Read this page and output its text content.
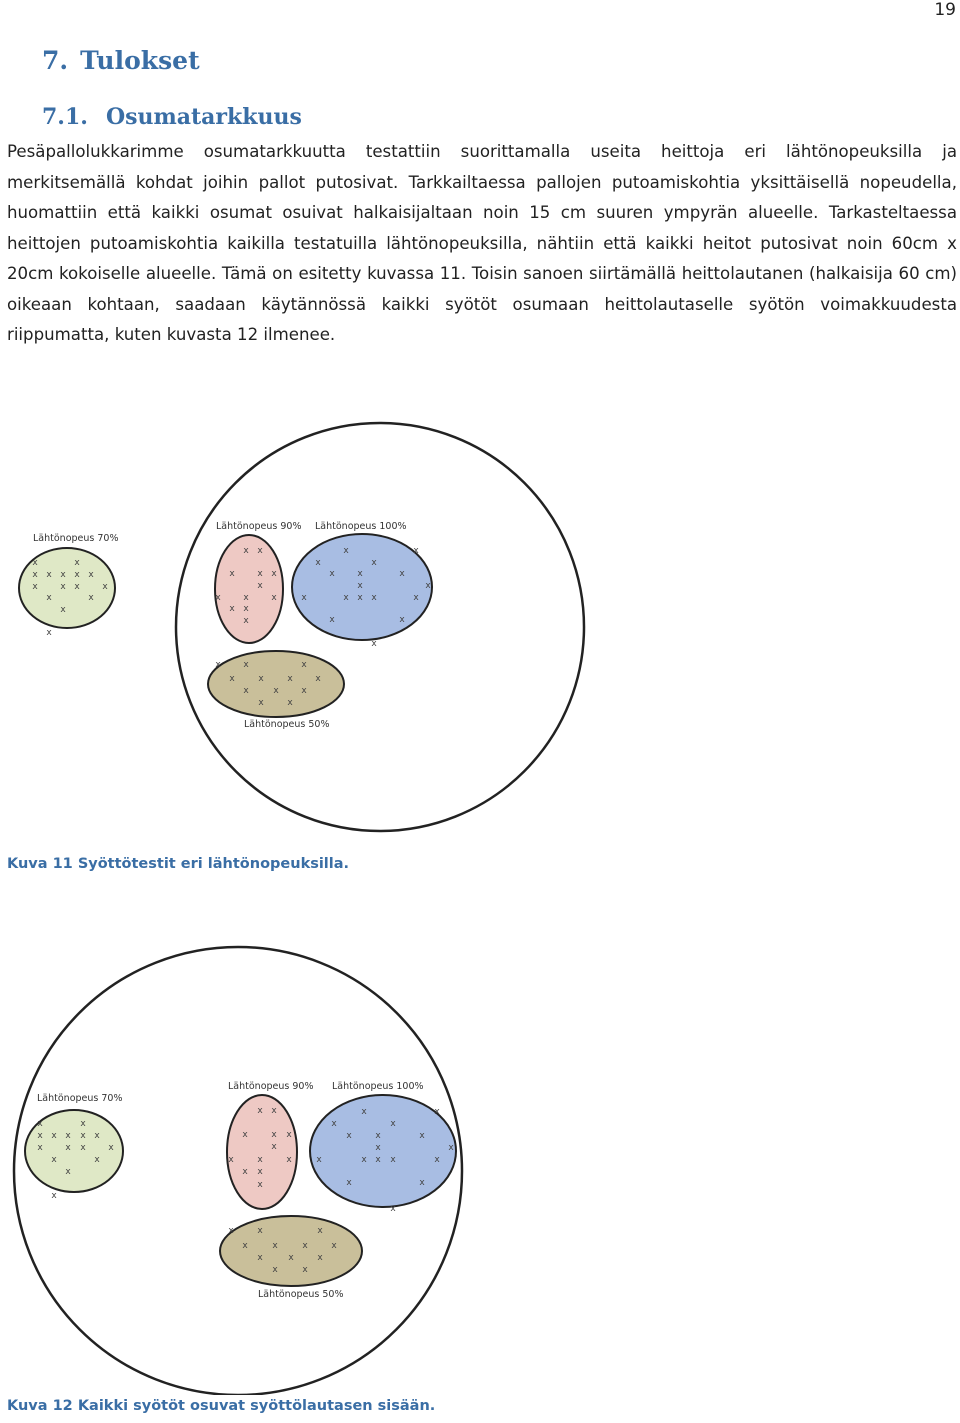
19
7. Tulokset
7.1. Osumatarkkuus

Pesäpallolukkarimme osumatarkkuutta testattiin suorittamalla useita heittoja eri lähtönopeuksilla ja merkitsemällä kohdat joihin pallot putosivat. Tarkkailtaessa pallojen putoamiskohtia yksittäisellä nopeudella, huomattiin että kaikki osumat osuivat halkaisijaltaan noin 15 cm suuren ympyrän alueelle. Tarkasteltaessa heittojen putoamiskohtia kaikilla testatuilla lähtönopeuksilla, nähtiin että kaikki heitot putosivat noin 60cm x 20cm kokoiselle alueelle. Tämä on esitetty kuvassa 11. Toisin sanoen siirtämällä heittolautanen (halkaisija 60 cm) oikeaan kohtaan, saadaan käytännössä kaikki syötöt osumaan heittolautaselle syötön voimakkuudesta riippumatta, kuten kuvasta 12 ilmenee.

Lähtönopeus 70%
Lähtönopeus 90% Lähtönopeus 100%
Lähtönopeus 50%
x	x
x x x x x
x	x x	x
x	x
x
x
x x
x	x x
x
x	x	x
x x
x
x	x
x	x
x	x	x
x	x
x	x x x	x
x	x
x
x	x	x
x	x	x	x
x	x	x
x	x

Kuva 11 Syöttötestit eri lähtönopeuksilla.

Lähtönopeus 70%
Lähtönopeus 90% Lähtönopeus 100%
Lähtönopeus 50%
x	x
x x x x x
x	x x	x
x	x
x
x
x x
x	x x
x
x	x	x
x x
x
x	x
x	x
x	x	x
x	x
x	x x x	x
x	x
x
x	x	x
x	x	x	x
x	x	x
x	x

Kuva 12 Kaikki syötöt osuvat syöttölautasen sisään.
